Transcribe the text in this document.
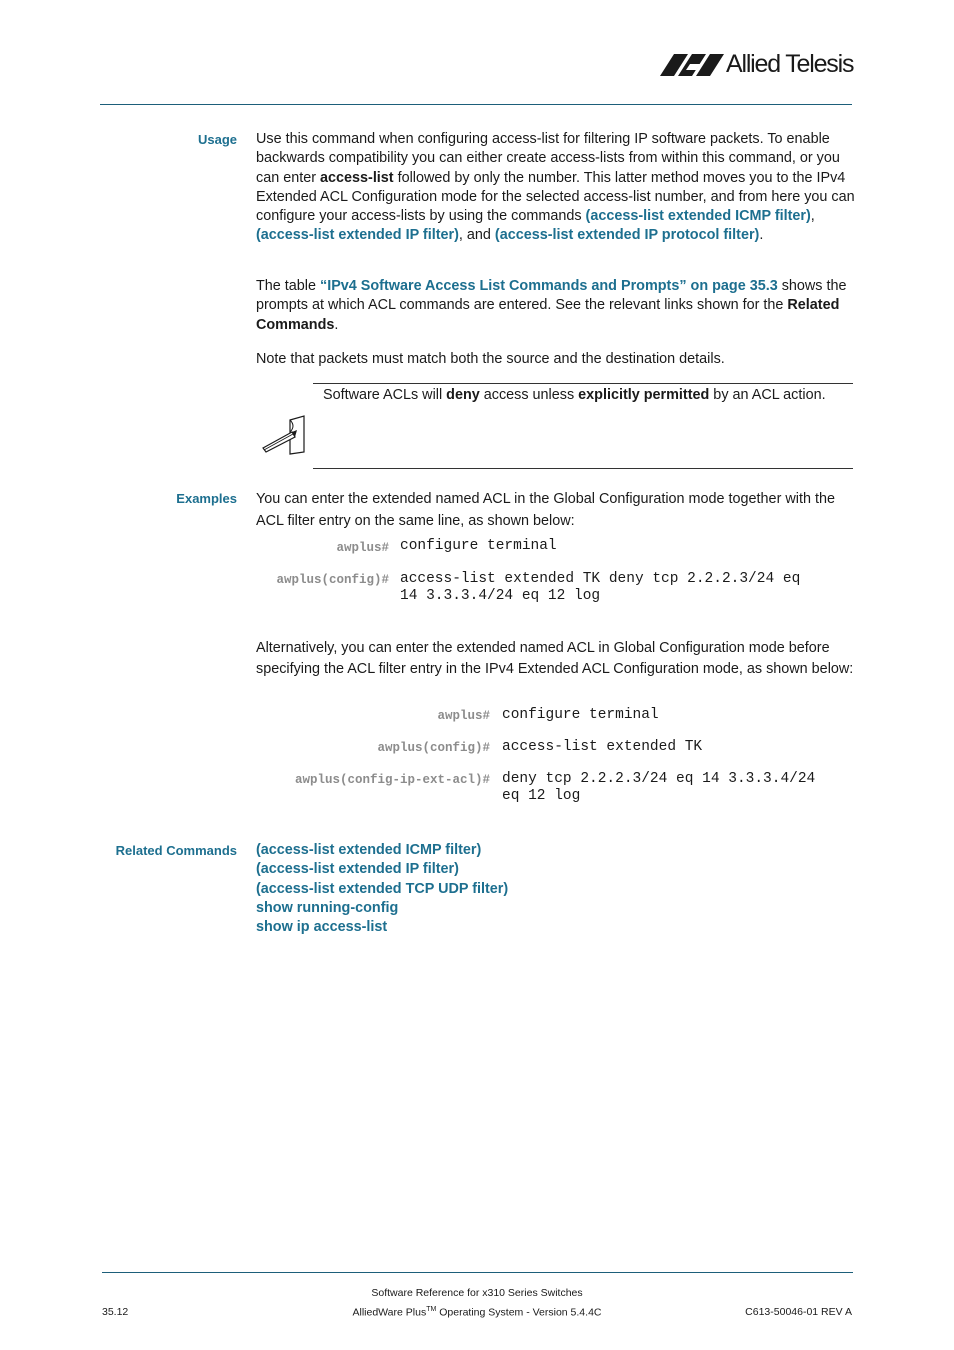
Allied Telesis
Usage Use this command when configuring access-list for filtering IP software packets. To enable backwards compatibility you can either create access-lists from within this command, or you can enter access-list followed by only the number. This latter method moves you to the IPv4 Extended ACL Configuration mode for the selected access-list number, and from here you can configure your access-lists by using the commands (access-list extended ICMP filter), (access-list extended IP filter), and (access-list extended IP protocol filter).
The table “IPv4 Software Access List Commands and Prompts” on page 35.3 shows the prompts at which ACL commands are entered. See the relevant links shown for the Related Commands.
Note that packets must match both the source and the destination details.
Software ACLs will deny access unless explicitly permitted by an ACL action.
Examples You can enter the extended named ACL in the Global Configuration mode together with the ACL filter entry on the same line, as shown below:
awplus# configure terminal
awplus(config)# access-list extended TK deny tcp 2.2.2.3/24 eq
14 3.3.3.4/24 eq 12 log
Alternatively, you can enter the extended named ACL in Global Configuration mode before specifying the ACL filter entry in the IPv4 Extended ACL Configuration mode, as shown below:
awplus# configure terminal
awplus(config)# access-list extended TK
awplus(config-ip-ext-acl)# deny tcp 2.2.2.3/24 eq 14 3.3.3.4/24
eq 12 log
Related Commands (access-list extended ICMP filter)
(access-list extended IP filter)
(access-list extended TCP UDP filter)
show running-config
show ip access-list
Software Reference for x310 Series Switches
35.12	AlliedWare Plus™ Operating System - Version 5.4.4C	C613-50046-01 REV A
